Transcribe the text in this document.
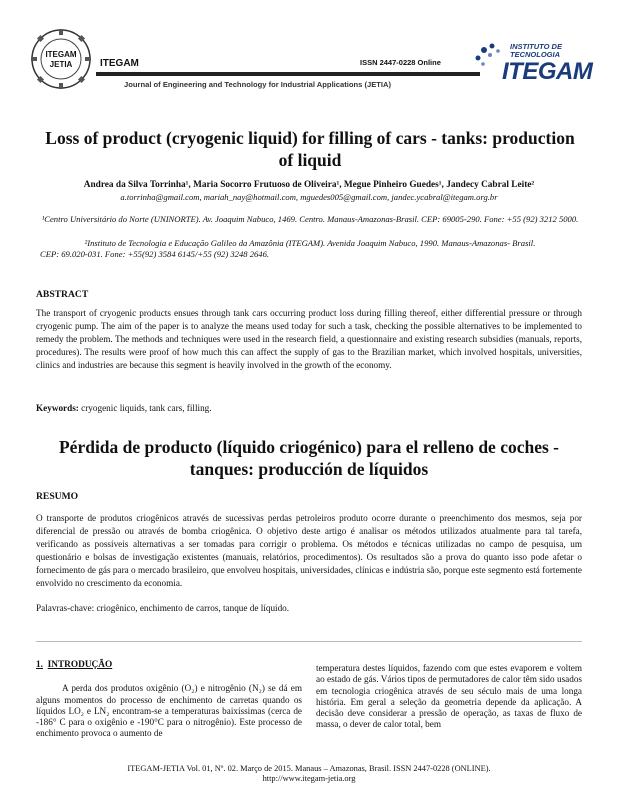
ITEGAM
JETIA	ITEGAM	ISSN 2447-0228 Online
Journal of Engineering and Technology for Industrial Applications (JETIA)
INSTITUTO DE
TECNOLOGIA
ITEGAM
Loss of product (cryogenic liquid) for filling of cars - tanks: production of liquid
Andrea da Silva Torrinha¹, Maria Socorro Frutuoso de Oliveira¹, Megue Pinheiro Guedes¹, Jandecy Cabral Leite²
a.torrinha@gmail.com, mariah_nay@hotmail.com, mguedes005@gmail.com, jandec.ycabral@itegam.org.br
¹Centro Universitário do Norte (UNINORTE). Av. Joaquim Nabuco, 1469. Centro. Manaus-Amazonas-Brasil. CEP: 69005-290. Fone: +55 (92) 3212 5000.
²Instituto de Tecnologia e Educação Galileo da Amazônia (ITEGAM). Avenida Joaquim Nabuco, 1990. Manaus-Amazonas- Brasil.
CEP: 69.020-031. Fone: +55(92) 3584 6145/+55 (92) 3248 2646.
ABSTRACT
The transport of cryogenic products ensues through tank cars occurring product loss during filling thereof, either differential pressure or through cryogenic pump. The aim of the paper is to analyze the means used today for such a task, checking the possible alternatives to be implemented to remedy the problem. The methods and techniques were used in the research field, a questionnaire and existing research subsidies (manuals, reports, procedures). The results were proof of how much this can affect the supply of gas to the Brazilian market, which involved hospitals, universities, clinics and industries are because this segment is heavily involved in the growth of the economy.
Keywords: cryogenic liquids, tank cars, filling.
Pérdida de producto (líquido criogénico) para el relleno de coches - tanques: producción de líquidos
RESUMO
O transporte de produtos criogênicos através de sucessivas perdas petroleiros produto ocorre durante o preenchimento dos mesmos, seja por diferencial de pressão ou através de bomba criogênica. O objetivo deste artigo é analisar os métodos utilizados atualmente para tal tarefa, verificando as possíveis alternativas a ser tomadas para corrigir o problema. Os métodos e técnicas utilizadas no campo de pesquisa, um questionário e bolsas de investigação existentes (manuais, relatórios, procedimentos). Os resultados são a prova do quanto isso pode afetar o fornecimento de gás para o mercado brasileiro, que envolveu hospitais, universidades, clínicas e indústria são, porque este segmento está fortemente envolvido no crescimento da economia.
Palavras-chave: criogênico, enchimento de carros, tanque de líquido.
1. INTRODUÇÃO

A perda dos produtos oxigênio (O₂) e nitrogênio (N₂) se dá em alguns momentos do processo de enchimento de carretas quando os líquidos LO₂ e LN₂ encontram-se a temperaturas baixíssimas (cerca de -186° C para o oxigênio e -190°C para o nitrogênio). Este processo de enchimento provoca o aumento de

temperatura destes líquidos, fazendo com que estes evaporem e voltem ao estado de gás. Vários tipos de permutadores de calor têm sido usados em tecnologia criogênica através de seu século mais de uma longa história. Em geral a seleção da geometria depende da aplicação. A decisão deve considerar a pressão de operação, as taxas de fluxo de massa, o dever de calor total, bem

ITEGAM-JETIA Vol. 01, Nº. 02. Março de 2015. Manaus – Amazonas, Brasil. ISSN 2447-0228 (ONLINE).
http://www.itegam-jetia.org
